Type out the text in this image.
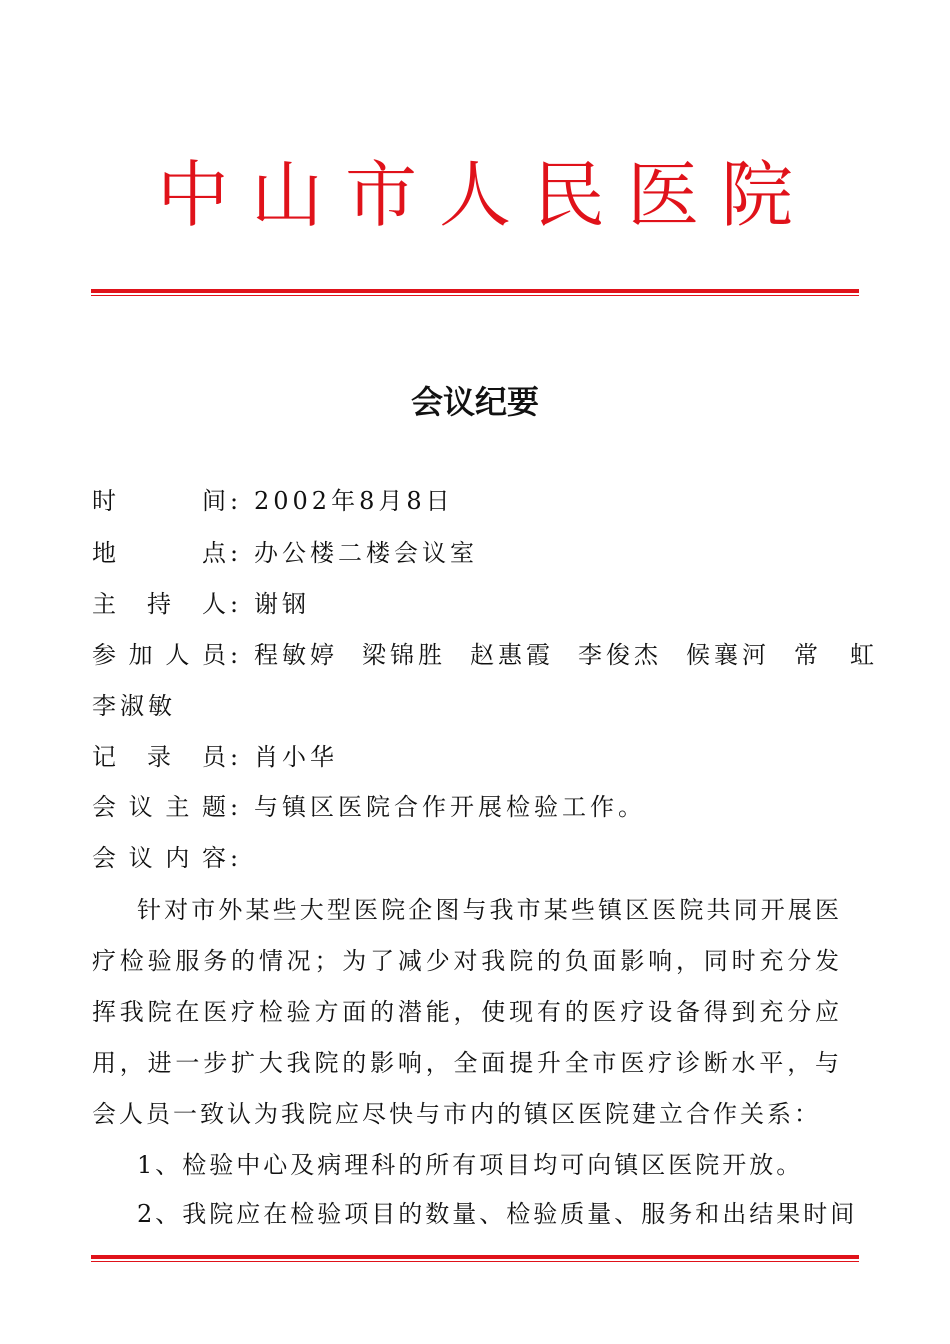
中山市人民医院
会议纪要
时间: 2002年8月8日
地点: 办公楼二楼会议室
主持人: 谢钢
参加人员: 程敏婷 梁锦胜 赵惠霞 李俊杰 候襄河 常　虹
李淑敏
记录员: 肖小华
会议主题: 与镇区医院合作开展检验工作。
会议内容:
针对市外某些大型医院企图与我市某些镇区医院共同开展医疗检验服务的情况；为了减少对我院的负面影响，同时充分发挥我院在医疗检验方面的潜能，使现有的医疗设备得到充分应用，进一步扩大我院的影响，全面提升全市医疗诊断水平，与会人员一致认为我院应尽快与市内的镇区医院建立合作关系：
1、检验中心及病理科的所有项目均可向镇区医院开放。
2、我院应在检验项目的数量、检验质量、服务和出结果时间
